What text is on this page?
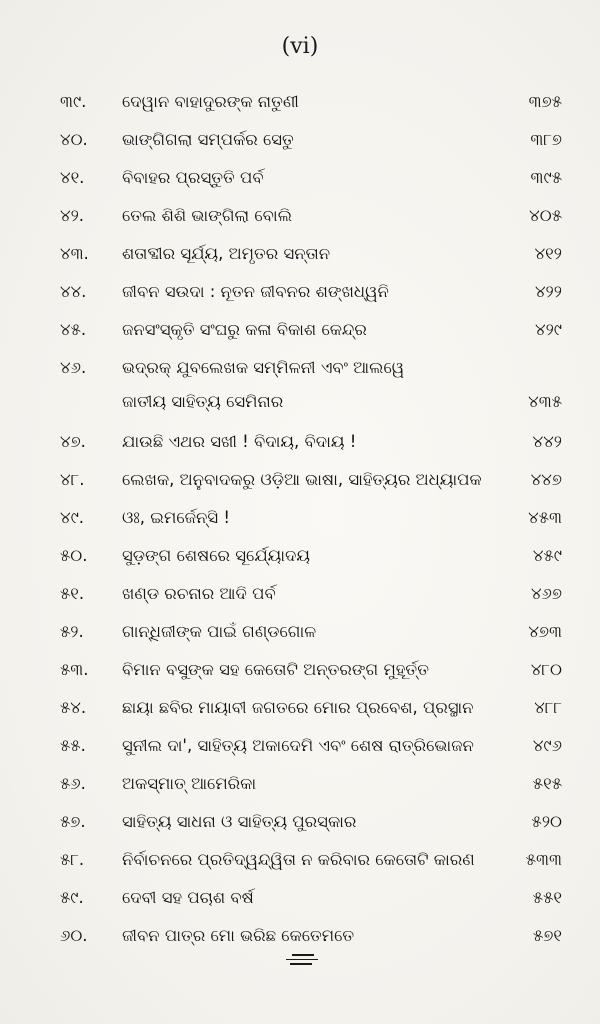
(vi)
୩୯.	ଦେୱାନ ବାହାଦୁରଙ୍କ ନାତୁଣୀ	୩୭୫
୪୦.	ଭାଙ୍ଗିଗଲା ସମ୍ପର୍କର ସେତୁ	୩୮୭
୪୧.	ବିବାହର ପ୍ରସ୍ତୁତି ପର୍ବ	୩୯୫
୪୨.	ତେଲ ଶିଶି ଭାଙ୍ଗିଲା ବୋଲି	୪୦୫
୪୩.	ଶତାବ୍ଦୀର ସୂର୍ଯ୍ୟ, ଅମୃତର ସନ୍ତାନ	୪୧୨
୪୪.	ଜୀବନ ସଉଦା : ନୂତନ ଜୀବନର ଶଙ୍ଖଧ୍ୱନି	୪୨୨
୪୫.	ଜନସଂସ୍କୃତି ସଂଘରୁ କଳା ବିକାଶ କେନ୍ଦ୍ର	୪୨୯
୪୬.	ଭଦ୍ରକ୍ ଯୁବଲେଖକ ସମ୍ମିଳନୀ ଏବଂ ଆଲୱେ
ଜାତୀୟ ସାହିତ୍ୟ ସେମିନାର	୪୩୫
୪୭.	ଯାଉଛି ଏଥର ସଖୀ ! ବିଦାୟ, ବିଦାୟ !	୪୪୨
୪୮.	ଲେଖକ, ଅନୁବାଦକରୁ ଓଡ଼ିଆ ଭାଷା, ସାହିତ୍ୟର ଅଧ୍ୟାପକ	୪୪୭
୪୯.	ଓଃ, ଇମର୍ଜେନ୍ସି !	୪୫୩
୫୦.	ସୁଡ଼ଙ୍ଗ ଶେଷରେ ସୂର୍ଯ୍ୟୋଦୟ	୪୫୯
୫୧.	ଖଣ୍ଡ ରଚନାର ଆଦି ପର୍ବ	୪୬୭
୫୨.	ଗାନ୍ଧିଜୀଙ୍କ ପାଇଁ ଗଣ୍ଡଗୋଳ	୪୭୩
୫୩.	ବିମାନ ବସୁଙ୍କ ସହ କେତୋଟି ଅନ୍ତରଙ୍ଗ ମୁହୂର୍ତ୍ତ	୪୮୦
୫୪.	ଛାୟା ଛବିର ମାୟାବୀ ଜଗତରେ ମୋର ପ୍ରବେଶ, ପ୍ରସ୍ଥାନ	୪୮୮
୫୫.	ସୁନୀଲ ଦା', ସାହିତ୍ୟ ଅକାଦେମି ଏବଂ ଶେଷ ରାତ୍ରିଭୋଜନ	୪୯୬
୫୬.	ଅକସ୍ମାତ୍ ଆମେରିକା	୫୧୫
୫୭.	ସାହିତ୍ୟ ସାଧନା ଓ ସାହିତ୍ୟ ପୁରସ୍କାର	୫୨୦
୫୮.	ନିର୍ବାଚନରେ ପ୍ରତିଦ୍ୱନ୍ଦ୍ୱିତା ନ କରିବାର କେତୋଟି କାରଣ	୫୩୩
୫୯.	ଦେବୀ ସହ ପଚାଶ ବର୍ଷ	୫୫୧
୬୦.	ଜୀବନ ପାତ୍ର ମୋ ଭରିଛ କେତେମତେ	୫୭୧
